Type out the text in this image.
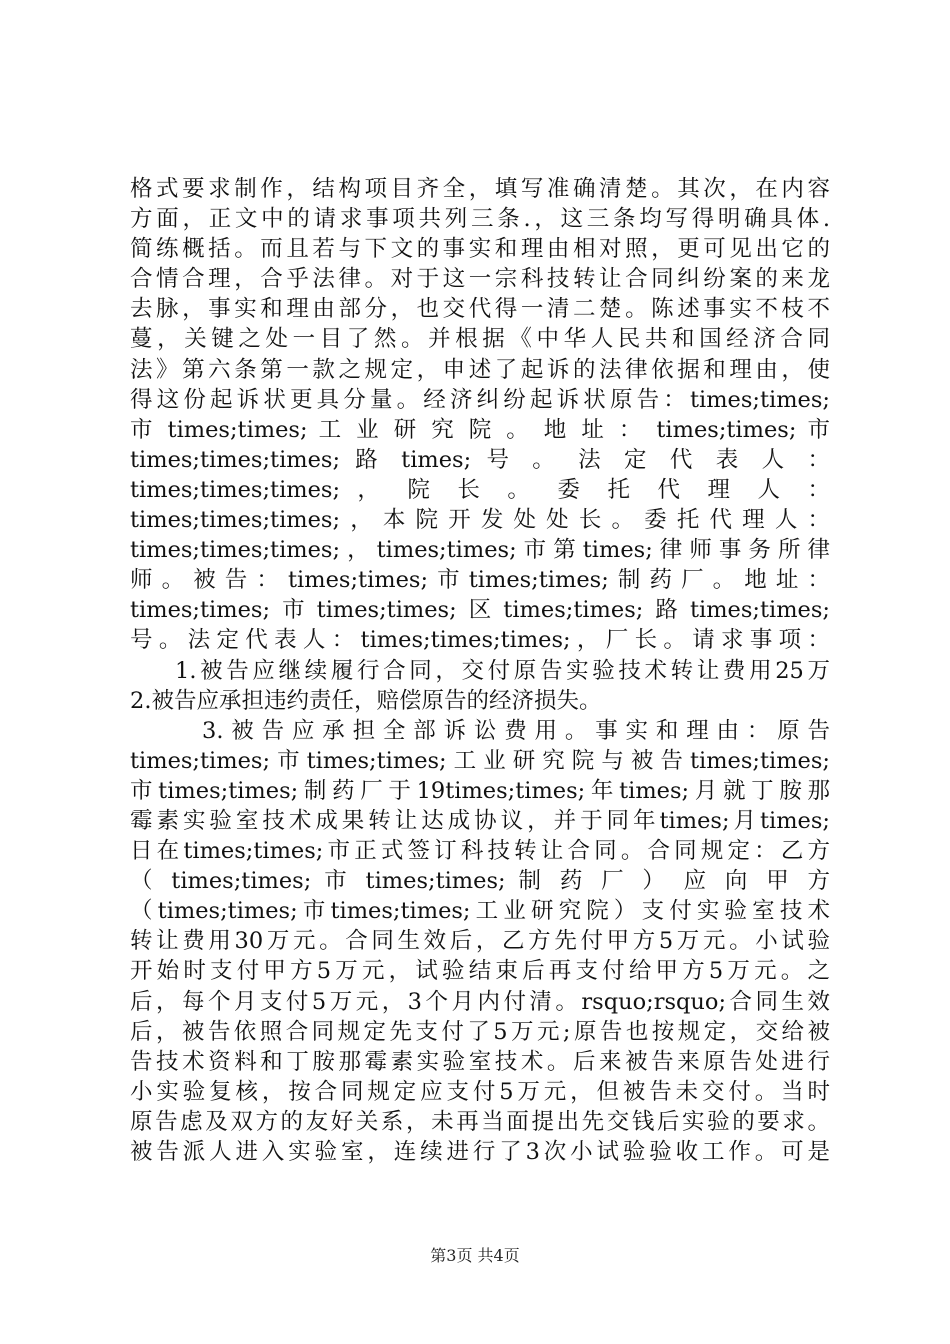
格式要求制作，结构项目齐全，填写准确清楚。其次，在内容
方面，正文中的请求事项共列三条.，这三条均写得明确具体.
简练概括。而且若与下文的事实和理由相对照，更可见出它的
合情合理，合乎法律。对于这一宗科技转让合同纠纷案的来龙
去脉，事实和理由部分，也交代得一清二楚。陈述事实不枝不
蔓，关键之处一目了然。并根据《中华人民共和国经济合同
法》第六条第一款之规定，申述了起诉的法律依据和理由，使
得这份起诉状更具分量。经济纠纷起诉状原告：times;times;
市 times;times; 工 业 研 究 院 。 地 址 ： times;times; 市
times;times;times; 路 times; 号 。 法 定 代 表 人 ：
times;times;times; ， 院 长 。 委 托 代 理 人 ：
times;times;times;，本院开发处处长。委托代理人：
times;times;times;，times;times;市第times;律师事务所律
师。被告：times;times;市times;times;制药厂。地址：
times;times;市times;times;区times;times;路times;times;
号。法定代表人：times;times;times;，厂长。请求事项：
1.被告应继续履行合同，交付原告实验技术转让费用25万
2.被告应承担违约责任，赔偿原告的经济损失。
3.被告应承担全部诉讼费用。事实和理由：原告
times;times;市times;times;工业研究院与被告times;times;
市times;times;制药厂于19times;times;年times;月就丁胺那
霉素实验室技术成果转让达成协议，并于同年times;月times;
日在times;times;市正式签订科技转让合同。合同规定：乙方
（ times;times; 市 times;times; 制 药 厂 ） 应 向 甲 方
（times;times;市times;times;工业研究院）支付实验室技术
转让费用30万元。合同生效后，乙方先付甲方5万元。小试验
开始时支付甲方5万元，试验结束后再支付给甲方5万元。之
后，每个月支付5万元，3个月内付清。rsquo;rsquo;合同生效
后，被告依照合同规定先支付了5万元;原告也按规定，交给被
告技术资料和丁胺那霉素实验室技术。后来被告来原告处进行
小实验复核，按合同规定应支付5万元，但被告未交付。当时
原告虑及双方的友好关系，未再当面提出先交钱后实验的要求。
被告派人进入实验室，连续进行了3次小试验验收工作。可是
第3页 共4页
